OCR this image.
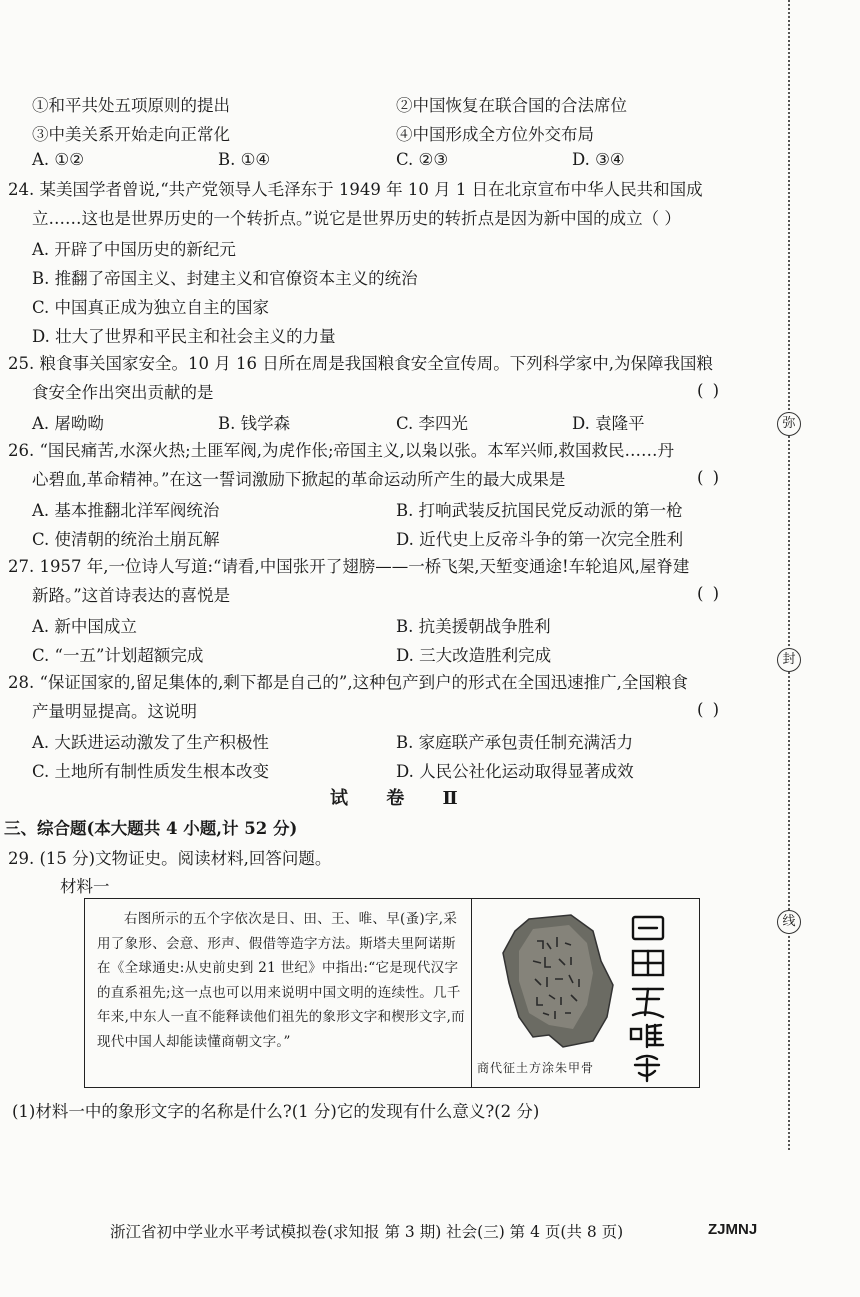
弥
封
线
①和平共处五项原则的提出	②中国恢复在联合国的合法席位
③中美关系开始走向正常化	④中国形成全方位外交布局
A. ①②	B. ①④	C. ②③	D. ③④
24. 某美国学者曾说,“共产党领导人毛泽东于 1949 年 10 月 1 日在北京宣布中华人民共和国成
立……这也是世界历史的一个转折点。”说它是世界历史的转折点是因为新中国的成立（ ）
A. 开辟了中国历史的新纪元
B. 推翻了帝国主义、封建主义和官僚资本主义的统治
C. 中国真正成为独立自主的国家
D. 壮大了世界和平民主和社会主义的力量
25. 粮食事关国家安全。10 月 16 日所在周是我国粮食安全宣传周。下列科学家中,为保障我国粮
食安全作出突出贡献的是	( )
A. 屠呦呦	B. 钱学森	C. 李四光	D. 袁隆平
26. “国民痛苦,水深火热;土匪军阀,为虎作伥;帝国主义,以枭以张。本军兴师,救国救民……丹
心碧血,革命精神。”在这一誓词激励下掀起的革命运动所产生的最大成果是	( )
A. 基本推翻北洋军阀统治	B. 打响武装反抗国民党反动派的第一枪
C. 使清朝的统治土崩瓦解	D. 近代史上反帝斗争的第一次完全胜利
27. 1957 年,一位诗人写道:“请看,中国张开了翅膀——一桥飞架,天堑变通途!车轮追风,屋脊建
新路。”这首诗表达的喜悦是	( )
A. 新中国成立	B. 抗美援朝战争胜利
C. “一五”计划超额完成	D. 三大改造胜利完成
28. “保证国家的,留足集体的,剩下都是自己的”,这种包产到户的形式在全国迅速推广,全国粮食
产量明显提高。这说明	( )
A. 大跃进运动激发了生产积极性	B. 家庭联产承包责任制充满活力
C. 土地所有制性质发生根本改变	D. 人民公社化运动取得显著成效
试 卷 Ⅱ
三、综合题(本大题共 4 小题,计 52 分)
29. (15 分)文物证史。阅读材料,回答问题。
材料一
右图所示的五个字依次是日、田、王、唯、早(蚤)字,采用了象形、会意、形声、假借等造字方法。斯塔夫里阿诺斯在《全球通史:从史前史到 21 世纪》中指出:“它是现代汉字的直系祖先;这一点也可以用来说明中国文明的连续性。几千年来,中东人一直不能释读他们祖先的象形文字和楔形文字,而现代中国人却能读懂商朝文字。”
商代征土方涂朱甲骨
(1)材料一中的象形文字的名称是什么?(1 分)它的发现有什么意义?(2 分)
浙江省初中学业水平考试模拟卷(求知报 第 3 期) 社会(三) 第 4 页(共 8 页)	ZJMNJ
